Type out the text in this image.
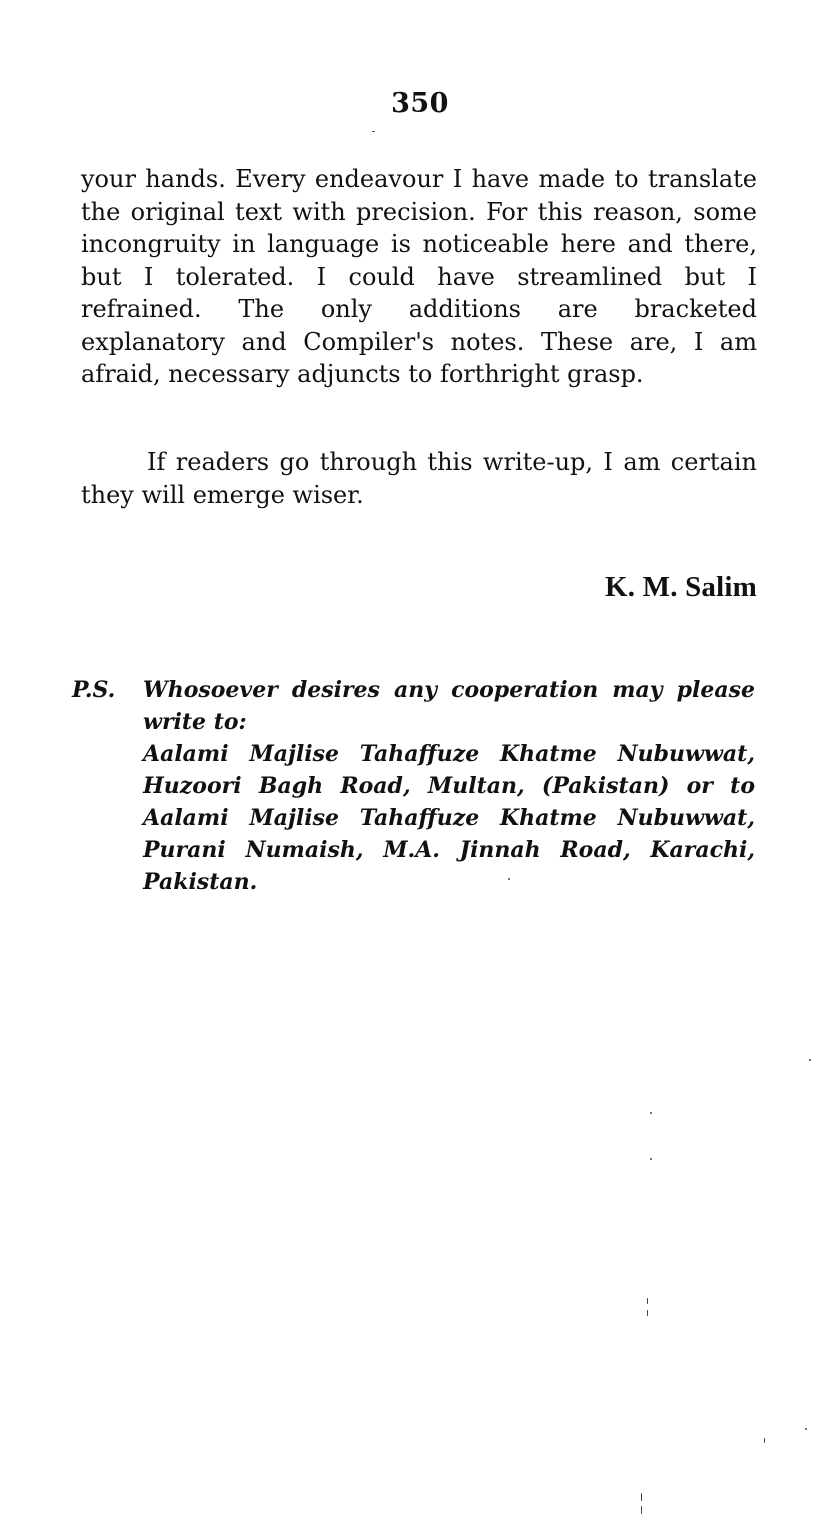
350

your hands. Every endeavour I have made to translate the original text with precision. For this reason, some incongruity in language is noticeable here and there, but I tolerated. I could have streamlined but I refrained. The only additions are bracketed explanatory and Compiler's notes. These are, I am afraid, necessary adjuncts to forthright grasp.

If readers go through this write-up, I am certain they will emerge wiser.

K. M. Salim
P.S. Whosoever desires any cooperation may please
write to:
Aalami Majlise Tahaffuze Khatme Nubuwwat,
Huzoori Bagh Road, Multan, (Pakistan) or to
Aalami Majlise Tahaffuze Khatme Nubuwwat,
Purani Numaish, M.A. Jinnah Road, Karachi,
Pakistan.
